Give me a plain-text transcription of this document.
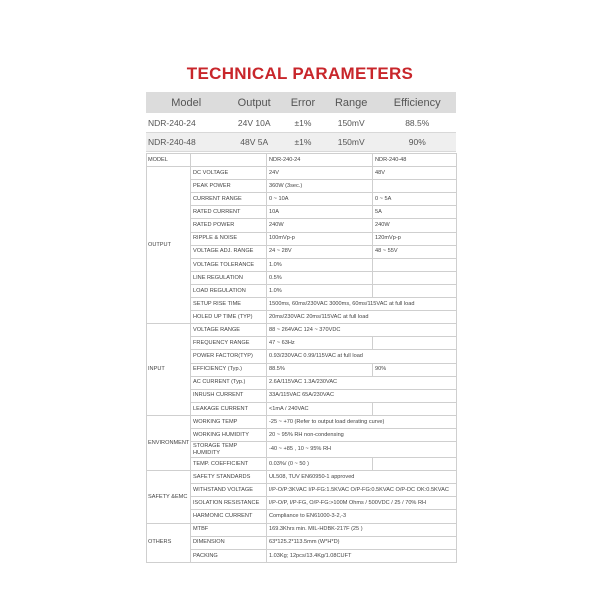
TECHNICAL PARAMETERS
Model	Output	Error	Range	Efficiency
NDR-240-24	24V 10A	±1%	150mV	88.5%
NDR-240-48	48V 5A	±1%	150mV	90%
MODEL		NDR-240-24	NDR-240-48
OUTPUT	DC VOLTAGE	24V	48V
	PEAK POWER	360W (3sec.)	
	CURRENT RANGE	0 ~ 10A	0 ~ 5A
	RATED CURRENT	10A	5A
	RATED POWER	240W	240W
	RIPPLE & NOISE	100mVp-p	120mVp-p
	VOLTAGE ADJ. RANGE	24 ~ 28V	48 ~ 55V
	VOLTAGE TOLERANCE	1.0%	
	LINE REGULATION	0.5%	
	LOAD REGULATION	1.0%	
	SETUP RISE TIME	1500ms, 60ms/230VAC 3000ms, 60ms/115VAC at full load	
	HOLED UP TIME (TYP)	20ms/230VAC 20ms/115VAC at full load	
INPUT	VOLTAGE RANGE	88 ~ 264VAC 124 ~ 370VDC	
	FREQUENCY RANGE	47 ~ 63Hz	
	POWER FACTOR(TYP)	0.93/230VAC 0.99/115VAC at full load	
	EFFICIENCY (Typ.)	88.5%	90%
	AC CURRENT (Typ.)	2.6A/115VAC 1.3A/230VAC	
	INRUSH CURRENT	33A/115VAC 65A/230VAC	
	LEAKAGE CURRENT	<1mA / 240VAC	
ENVIRONMENT	WORKING TEMP	-25 ~ +70 (Refer to output load derating curve)	
	WORKING HUMIDITY	20 ~ 95% RH non-condensing	
	STORAGE TEMP HUMIDITY	-40 ~ +85 , 10 ~ 95% RH	
	TEMP. COEFFICIENT	0.03%/ (0 ~ 50 )	
SAFETY &EMC	SAFETY STANDARDS	UL508, TUV EN60950-1 approved	
	WITHSTAND VOLTAGE	I/P-O/P:3KVAC I/P-FG:1.5KVAC O/P-FG:0.5KVAC O/P-DC OK:0.5KVAC	
	ISOLATION RESISTANCE	I/P-O/P, I/P-FG, O/P-FG:>100M Ohms / 500VDC / 25 / 70% RH	
	HARMONIC CURRENT	Compliance to EN61000-3-2,-3	
OTHERS	MTBF	169.3Khrs min. MIL-HDBK-217F (25 )	
	DIMENSION	63*125.2*113.5mm (W*H*D)	
	PACKING	1.03Kg; 12pcs/13.4Kg/1.08CUFT	
